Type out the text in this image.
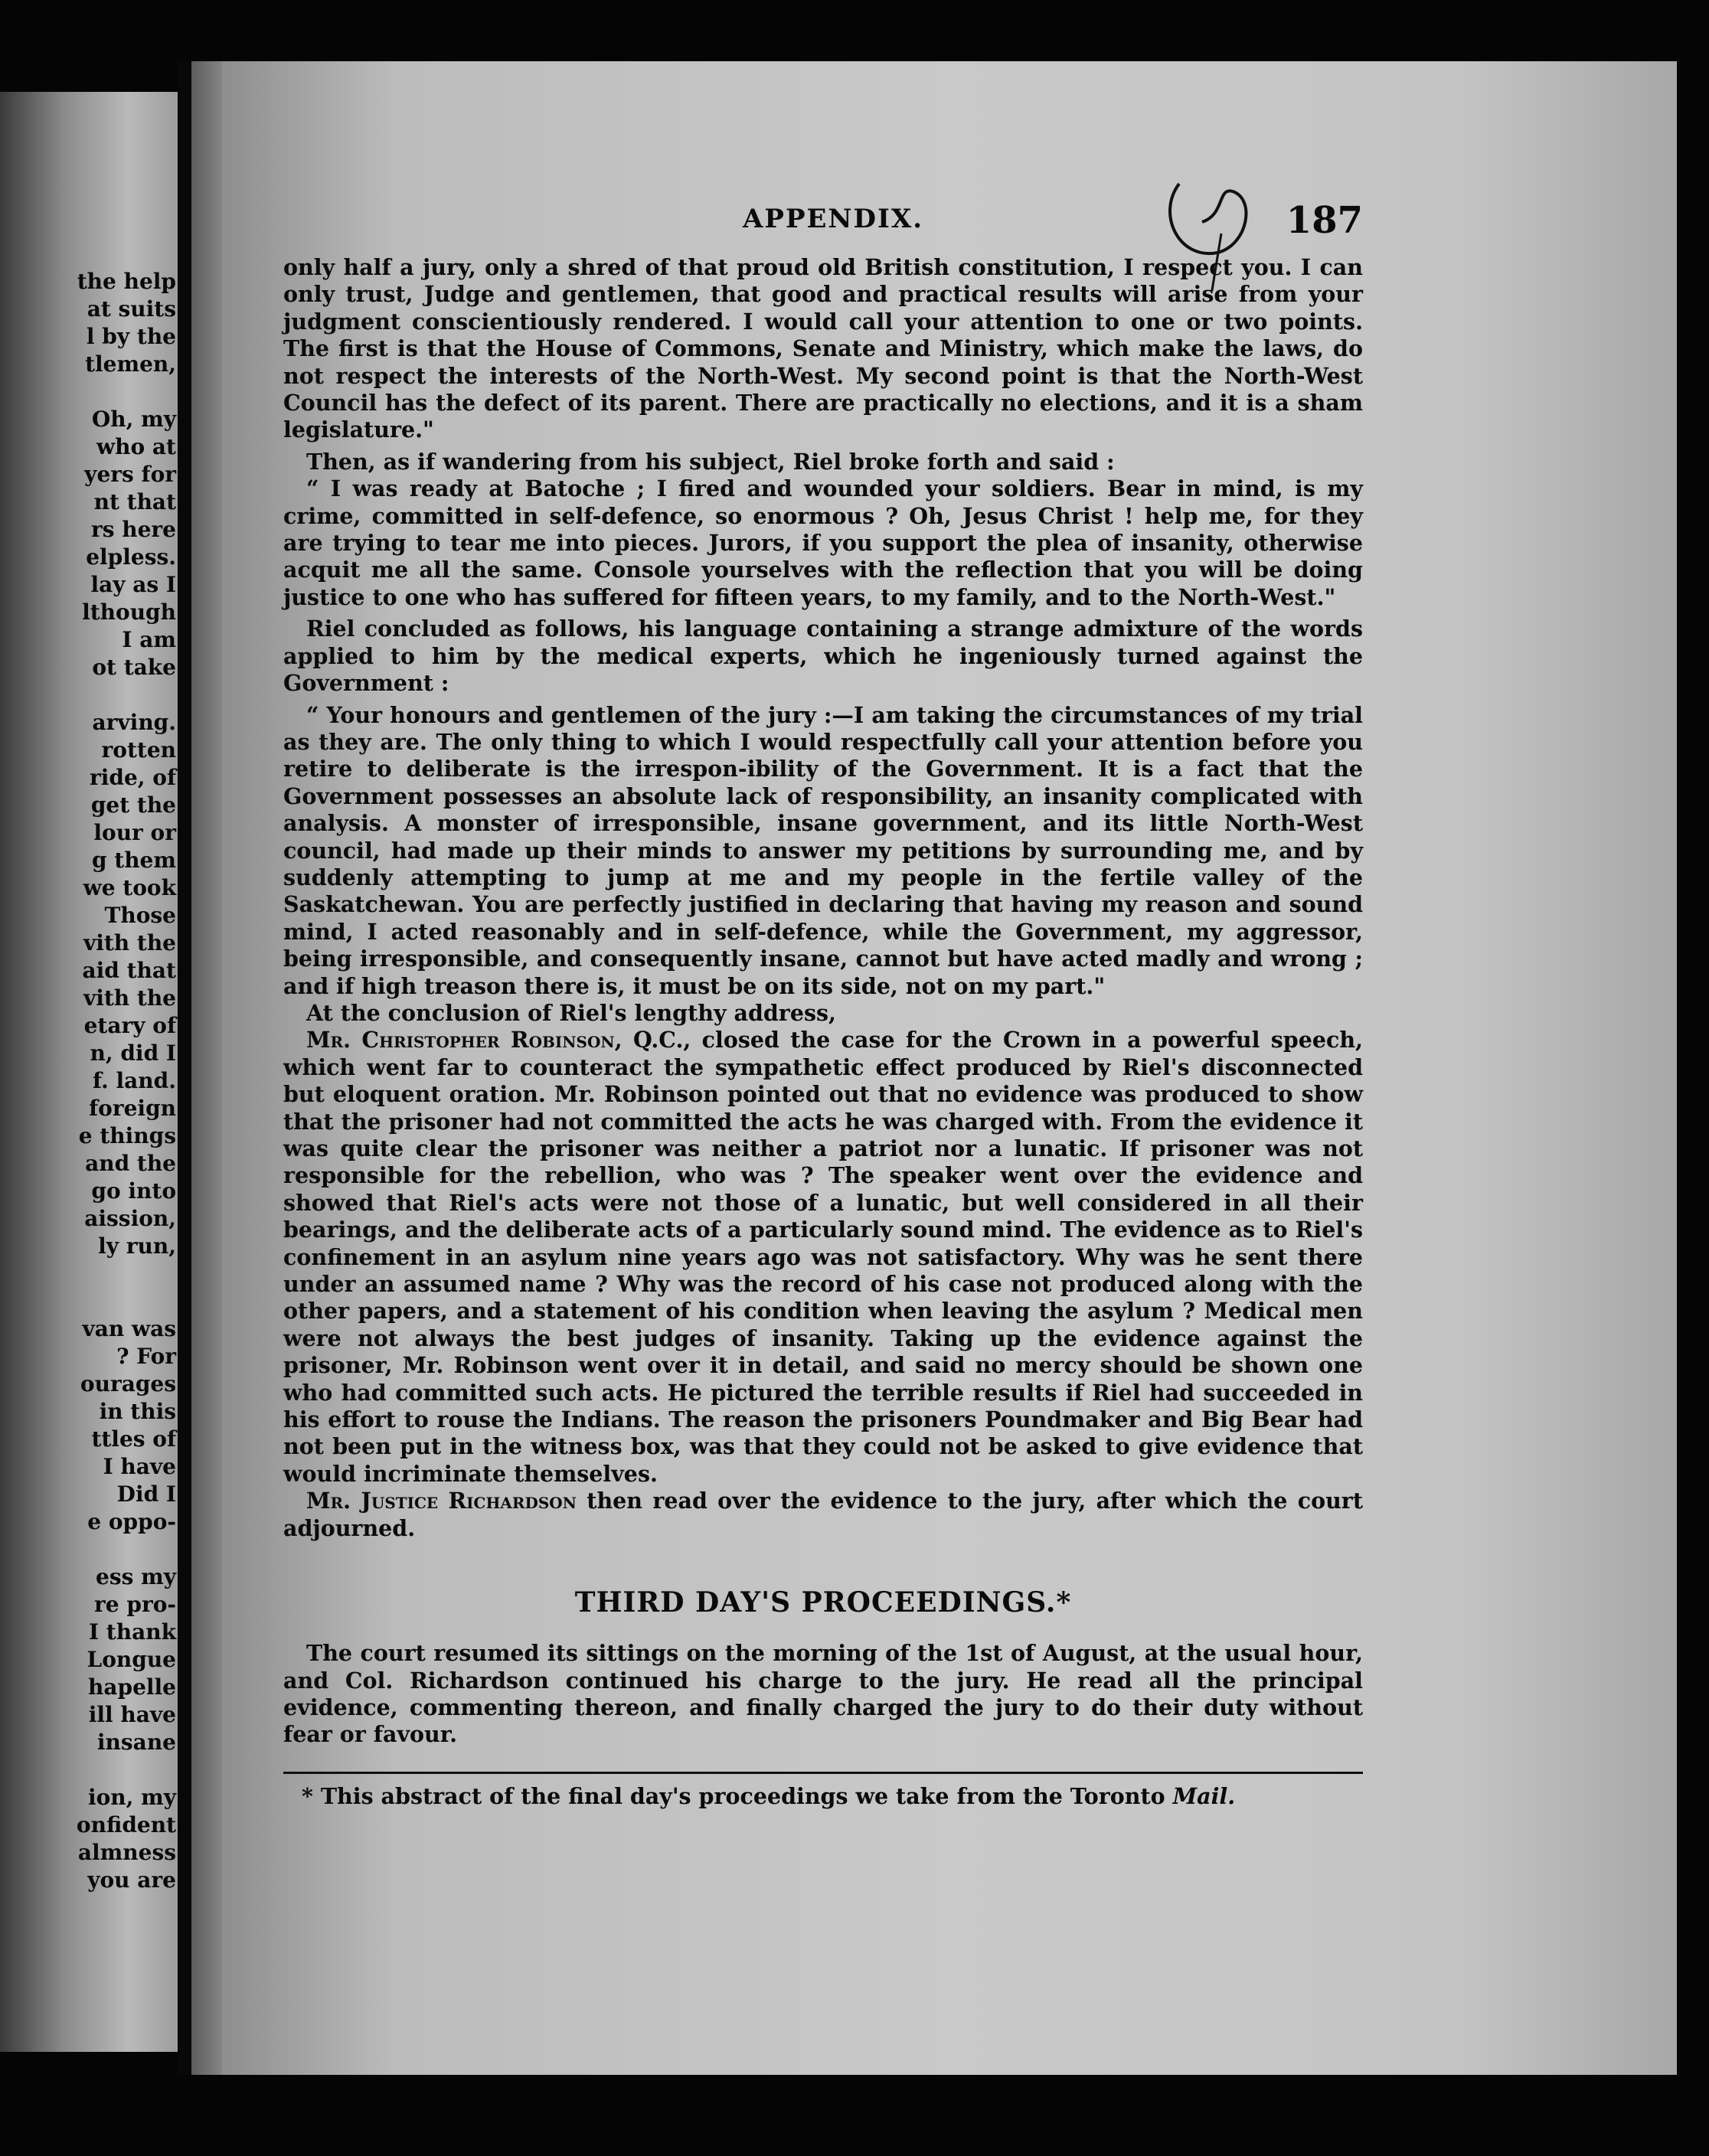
the help

at suits

l by the

tlemen,

Oh, my

who at

yers for

nt that

rs here

elpless.

lay as I

lthough

I am

ot take

arving.

rotten

ride, of

get the

lour or

g them

we took

Those

vith the

aid that

vith the

etary of

n, did I

f. land.

foreign

e things

and the

go into

aission,

ly run,

van was

? For

ourages

in this

ttles of

I have

Did I

e oppo-

ess my

re pro-

I thank

Longue

hapelle

ill have

insane

ion, my

onfident

almness

you are

APPENDIX.	187

only half a jury, only a shred of that proud old British constitution, I respect you. I can only trust, Judge and gentlemen, that good and practical results will arise from your judgment conscientiously rendered. I would call your attention to one or two points. The first is that the House of Commons, Senate and Ministry, which make the laws, do not respect the interests of the North-West. My second point is that the North-West Council has the defect of its parent. There are practically no elections, and it is a sham legislature."

Then, as if wandering from his subject, Riel broke forth and said :

“ I was ready at Batoche ; I fired and wounded your soldiers. Bear in mind, is my crime, committed in self-defence, so enormous ? Oh, Jesus Christ ! help me, for they are trying to tear me into pieces. Jurors, if you support the plea of insanity, otherwise acquit me all the same. Console yourselves with the reflection that you will be doing justice to one who has suffered for fifteen years, to my family, and to the North-West."

Riel concluded as follows, his language containing a strange admixture of the words applied to him by the medical experts, which he ingeniously turned against the Government :

“ Your honours and gentlemen of the jury :—I am taking the circumstances of my trial as they are. The only thing to which I would respectfully call your attention before you retire to deliberate is the irrespon-ibility of the Government. It is a fact that the Government possesses an absolute lack of responsibility, an insanity complicated with analysis. A monster of irresponsible, insane government, and its little North-West council, had made up their minds to answer my petitions by surrounding me, and by suddenly attempting to jump at me and my people in the fertile valley of the Saskatchewan. You are perfectly justified in declaring that having my reason and sound mind, I acted reasonably and in self-defence, while the Government, my aggressor, being irresponsible, and consequently insane, cannot but have acted madly and wrong ; and if high treason there is, it must be on its side, not on my part."

At the conclusion of Riel's lengthy address,

Mr. Christopher Robinson, Q.C., closed the case for the Crown in a powerful speech, which went far to counteract the sympathetic effect produced by Riel's disconnected but eloquent oration. Mr. Robinson pointed out that no evidence was produced to show that the prisoner had not committed the acts he was charged with. From the evidence it was quite clear the prisoner was neither a patriot nor a lunatic. If prisoner was not responsible for the rebellion, who was ? The speaker went over the evidence and showed that Riel's acts were not those of a lunatic, but well considered in all their bearings, and the deliberate acts of a particularly sound mind. The evidence as to Riel's confinement in an asylum nine years ago was not satisfactory. Why was he sent there under an assumed name ? Why was the record of his case not produced along with the other papers, and a statement of his condition when leaving the asylum ? Medical men were not always the best judges of insanity. Taking up the evidence against the prisoner, Mr. Robinson went over it in detail, and said no mercy should be shown one who had committed such acts. He pictured the terrible results if Riel had succeeded in his effort to rouse the Indians. The reason the prisoners Poundmaker and Big Bear had not been put in the witness box, was that they could not be asked to give evidence that would incriminate themselves.

Mr. Justice Richardson then read over the evidence to the jury, after which the court adjourned.

THIRD DAY'S PROCEEDINGS.*

The court resumed its sittings on the morning of the 1st of August, at the usual hour, and Col. Richardson continued his charge to the jury. He read all the principal evidence, commenting thereon, and finally charged the jury to do their duty without fear or favour.

* This abstract of the final day's proceedings we take from the Toronto Mail.
